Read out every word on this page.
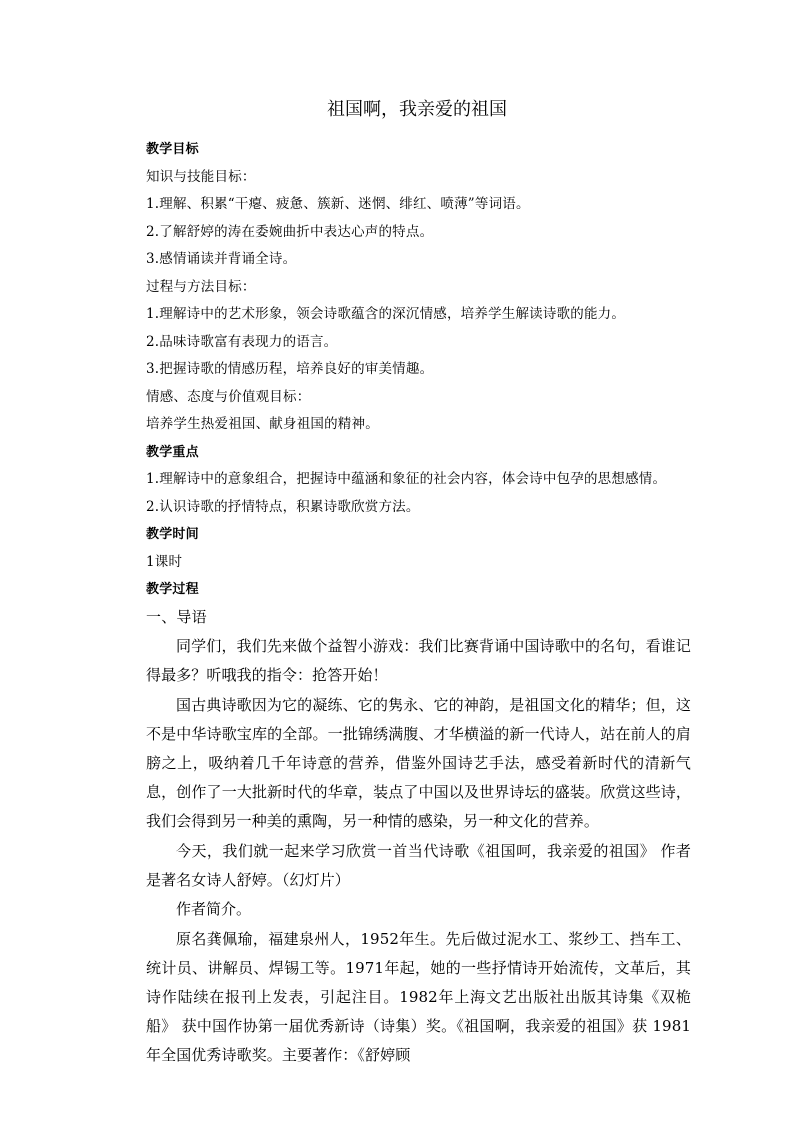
祖国啊，我亲爱的祖国
教学目标
知识与技能目标：
1.理解、积累“干瘪、疲惫、簇新、迷惘、绯红、喷薄”等词语。
2.了解舒婷的涛在委婉曲折中表达心声的特点。
3.感情诵读并背诵全诗。
过程与方法目标：
1.理解诗中的艺术形象，领会诗歌蕴含的深沉情感，培养学生解读诗歌的能力。
2.品味诗歌富有表现力的语言。
3.把握诗歌的情感历程，培养良好的审美情趣。
情感、态度与价值观目标：
培养学生热爱祖国、献身祖国的精神。
教学重点
1.理解诗中的意象组合，把握诗中蕴涵和象征的社会内容，体会诗中包孕的思想感情。
2.认识诗歌的抒情特点，积累诗歌欣赏方法。
教学时间
1课时
教学过程
一、导语

同学们，我们先来做个益智小游戏：我们比赛背诵中国诗歌中的名句，看谁记得最多？听哦我的指令：抢答开始！

国古典诗歌因为它的凝练、它的隽永、它的神韵，是祖国文化的精华；但，这不是中华诗歌宝库的全部。一批锦绣满腹、才华横溢的新一代诗人，站在前人的肩膀之上，吸纳着几千年诗意的营养，借鉴外国诗艺手法，感受着新时代的清新气息，创作了一大批新时代的华章，装点了中国以及世界诗坛的盛装。欣赏这些诗，我们会得到另一种美的熏陶，另一种情的感染，另一种文化的营养。

今天，我们就一起来学习欣赏一首当代诗歌《祖国呵，我亲爱的祖国》 作者是著名女诗人舒婷。（幻灯片）

作者简介。

原名龚佩瑜，福建泉州人，1952年生。先后做过泥水工、浆纱工、挡车工、统计员、讲解员、焊锡工等。1971年起，她的一些抒情诗开始流传，文革后，其诗作陆续在报刊上发表，引起注目。1982年上海文艺出版社出版其诗集《双桅船》 获中国作协第一届优秀新诗（诗集）奖。《祖国啊，我亲爱的祖国》获 1981年全国优秀诗歌奖。主要著作：《舒婷顾
